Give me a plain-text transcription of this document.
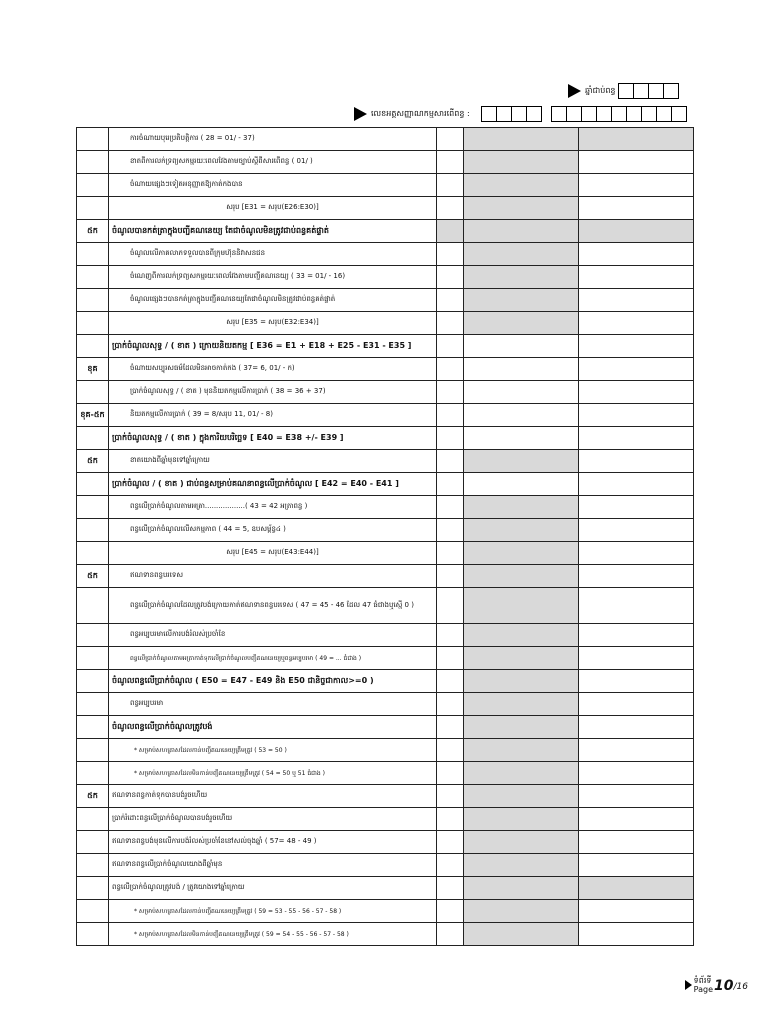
ឆ្នាំជាប់ពន្ធ
លេខអត្តសញ្ញាណកម្មសារពើពន្ធ :
	ការចំណាយបុរេប្រតិបត្តិការ ( 28 = 01/ - 37)			
	ខាតពីការលក់ទ្រព្យសកម្មរយៈពេលវែងតាមច្បាប់ស្តីពីសារពើពន្ធ ( 01/ )			
	ចំណាយផ្សេងៗទៀតអនុញ្ញាតឱ្យកាត់កងបាន			

	សរុប [E31 = សរុប(E26:E30)]			

៥ក	ចំណូលបានកត់ត្រាក្នុងបញ្ជីគណនេយ្យ តែជាចំណូលមិនត្រូវជាប់ពន្ធគត់ផ្ទាត់			
	ចំណូលលើភាគលាភទទួលបានពីក្រុមហ៊ុននិវាសនជន			
	ចំណេញពីការលក់ទ្រព្យសកម្មរយៈពេលវែងតាមបញ្ជីគណនេយ្យ ( 33 = 01/ - 16)			
	ចំណូលផ្សេងៗបានកត់ត្រាក្នុងបញ្ជីគណនេយ្យតែជាចំណូលមិនត្រូវជាប់ពន្ធគត់ផ្ទាត់			

	សរុប [E35 = សរុប(E32:E34)]			

	ប្រាក់ចំណូលសុទ្ធ / ( ខាត ) ក្រោយនិយតកម្ម [ E36 = E1 + E18 + E25 - E31 - E35 ]			
ខុគ	ចំណាយសប្បុរសធម៌ដែលមិនអាចកាត់កង ( 37= 6, 01/ - ក)			
	ប្រាក់ចំណូលសុទ្ធ / ( ខាត ) មុននិយតកម្មលើការប្រាក់ ( 38 = 36 + 37)			
ខុគ-៥ក	និយតកម្មលើការប្រាក់ ( 39 = 8/សរុប 11, 01/ - 8)			
	ប្រាក់ចំណូលសុទ្ធ / ( ខាត ) ក្នុងការិយបរិច្ឆេទ [ E40 = E38 +/- E39 ]			
៥ក	ខាតយោងពីឆ្នាំមុនទៅឆ្នាំក្រោយ			
	ប្រាក់ចំណូល / ( ខាត ) ជាប់ពន្ធសម្រាប់គណនាពន្ធលើប្រាក់ចំណូល [ E42 = E40 - E41 ]			
	ពន្ធលើប្រាក់ចំណូលតាមអត្រា..................( 43 = 42 អត្រាពន្ធ )			
	ពន្ធលើប្រាក់ចំណូលលើសកម្មភាព ( 44 = 5, ឧបសម្ព័ន្ធ៤ )			

	សរុប [E45 = សរុប(E43:E44)]			

៥ក	ឥណទានពន្ធបរទេស			
	ពន្ធលើប្រាក់ចំណូលដែលត្រូវបង់ក្រោយកាត់ឥណទានពន្ធបរទេស ( 47 = 45 - 46 ដែល 47 ធំជាងឬស្មើ 0 )			
	ពន្ធអប្បបរមាលើការបង់រំលស់ប្រចាំខែ			
	ពន្ធលើប្រាក់ចំណូលតាមអត្រាកាត់ទុកលើប្រាក់ចំណូលបញ្ជីគណនេយ្យឬពន្ធអប្បបរមា ( 49 = ... ធំជាង )			
	ចំណូលពន្ធលើប្រាក់ចំណូល ( E50 = E47 - E49 និង E50 ជានិច្ចជាកាល>=0 )			
	ពន្ធអប្បបរមា			
	ចំណូលពន្ធលើប្រាក់ចំណូលត្រូវបង់			
	* សម្រាប់សហគ្រាសដែលកាន់បញ្ជីគណនេយ្យត្រឹមត្រូវ ( 53 = 50 )			
	* សម្រាប់សហគ្រាសដែលមិនកាន់បញ្ជីគណនេយ្យត្រឹមត្រូវ ( 54 = 50 ឬ 51 ធំជាង )			
៥ក	ឥណទានពន្ធកាត់ទុកបានបង់រួចហើយ			
	ប្រាក់រំដោះពន្ធលើប្រាក់ចំណូលបានបង់រួចហើយ			
	ឥណទានពន្ធបង់មុនលើការបង់រំលស់ប្រចាំខែនៅសល់ចុងឆ្នាំ ( 57= 48 - 49 )			
	ឥណទានពន្ធលើប្រាក់ចំណូលយោងពីឆ្នាំមុន			
	ពន្ធលើប្រាក់ចំណូលត្រូវបង់ / ត្រូវយោងទៅឆ្នាំក្រោយ			
	* សម្រាប់សហគ្រាសដែលកាន់បញ្ជីគណនេយ្យត្រឹមត្រូវ ( 59 = 53 - 55 - 56 - 57 - 58 )			
	* សម្រាប់សហគ្រាសដែលមិនកាន់បញ្ជីគណនេយ្យត្រឹមត្រូវ ( 59 = 54 - 55 - 56 - 57 - 58 )			
ទំព័រទី
Page 10 /16
